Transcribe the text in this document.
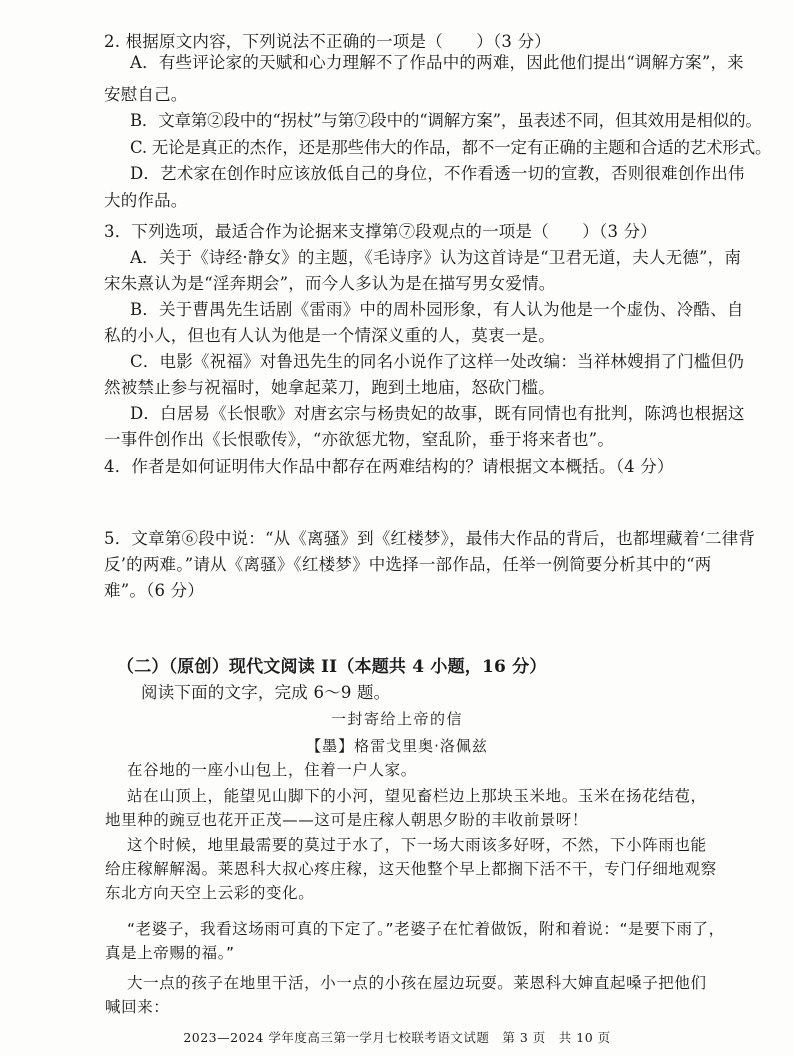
2. 根据原文内容，下列说法不正确的一项是（　　）（3 分）
A．有些评论家的天赋和心力理解不了作品中的两难，因此他们提出“调解方案”，来
安慰自己。
B．文章第②段中的“拐杖”与第⑦段中的“调解方案”，虽表述不同，但其效用是相似的。
C. 无论是真正的杰作，还是那些伟大的作品，都不一定有正确的主题和合适的艺术形式。
D．艺术家在创作时应该放低自己的身位，不作看透一切的宣教，否则很难创作出伟
大的作品。
3．下列选项，最适合作为论据来支撑第⑦段观点的一项是（　　）（3 分）
A．关于《诗经·静女》的主题，《毛诗序》认为这首诗是“卫君无道，夫人无德”，南
宋朱熹认为是“淫奔期会”，而今人多认为是在描写男女爱情。
B．关于曹禺先生话剧《雷雨》中的周朴园形象，有人认为他是一个虚伪、冷酷、自
私的小人，但也有人认为他是一个情深义重的人，莫衷一是。
C．电影《祝福》对鲁迅先生的同名小说作了这样一处改编：当祥林嫂捐了门槛但仍
然被禁止参与祝福时，她拿起菜刀，跑到土地庙，怒砍门槛。
D．白居易《长恨歌》对唐玄宗与杨贵妃的故事，既有同情也有批判，陈鸿也根据这
一事件创作出《长恨歌传》，“亦欲惩尤物，窒乱阶，垂于将来者也”。
4．作者是如何证明伟大作品中都存在两难结构的？请根据文本概括。（4 分）
5．文章第⑥段中说：“从《离骚》到《红楼梦》，最伟大作品的背后，也都埋藏着‘二律背
反’的两难。”请从《离骚》《红楼梦》中选择一部作品，任举一例简要分析其中的“两
难”。（6 分）
（二）（原创）现代文阅读 II（本题共 4 小题，16 分）
阅读下面的文字，完成 6～9 题。
一封寄给上帝的信
【墨】格雷戈里奥·洛佩兹
在谷地的一座小山包上，住着一户人家。
站在山顶上，能望见山脚下的小河，望见畜栏边上那块玉米地。玉米在扬花结苞，
地里种的豌豆也花开正茂——这可是庄稼人朝思夕盼的丰收前景呀！
这个时候，地里最需要的莫过于水了，下一场大雨该多好呀，不然，下小阵雨也能
给庄稼解解渴。莱恩科大叔心疼庄稼，这天他整个早上都搁下活不干，专门仔细地观察
东北方向天空上云彩的变化。
“老婆子，我看这场雨可真的下定了。”老婆子在忙着做饭，附和着说：“是要下雨了，
真是上帝赐的福。”
大一点的孩子在地里干活，小一点的小孩在屋边玩耍。莱恩科大婶直起嗓子把他们
喊回来：
2023—2024 学年度高三第一学月七校联考语文试题　第 3 页　共 10 页
